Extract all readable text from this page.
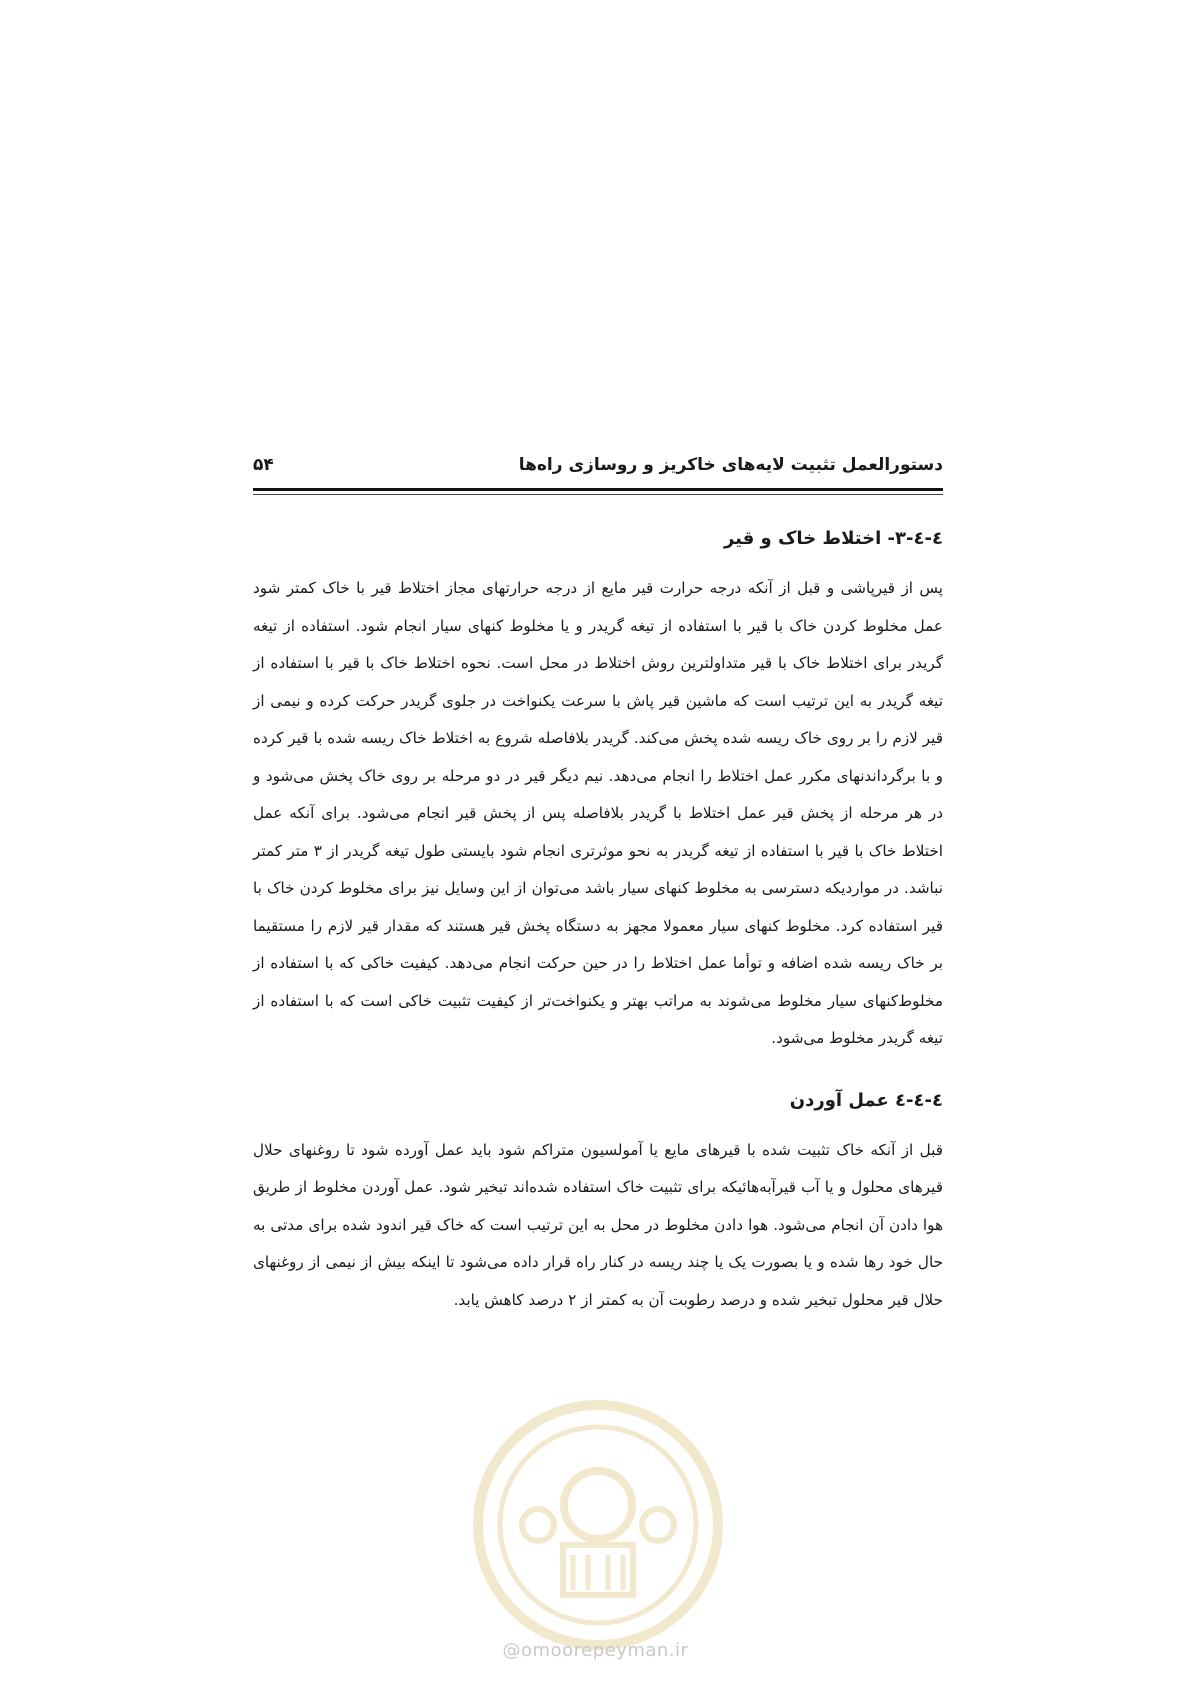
دستورالعمل تثبیت لایه‌های خاکریز و روسازی راه‌ها
۵۴
٤-٤-٣- اختلاط خاک و قیر

پس از قیرپاشی و قبل از آنکه درجه حرارت قیر مایع از درجه حرارتهای مجاز اختلاط قیر با خاک کمتر شود عمل مخلوط کردن خاک با قیر با استفاده از تیغه گریدر و یا مخلوط کنهای سیار انجام شود. استفاده از تیغه گریدر برای اختلاط خاک با قیر متداولترین روش اختلاط در محل است. نحوه اختلاط خاک با قیر با استفاده از تیغه گریدر به این ترتیب است که ماشین قیر پاش با سرعت یکنواخت در جلوی گریدر حرکت کرده و نیمی از قیر لازم را بر روی خاک ریسه شده پخش می‌کند. گریدر بلافاصله شروع به اختلاط خاک ریسه شده با قیر کرده و با برگرداندنهای مکرر عمل اختلاط را انجام می‌دهد. نیم دیگر قیر در دو مرحله بر روی خاک پخش می‌شود و در هر مرحله از پخش قیر عمل اختلاط با گریدر بلافاصله پس از پخش قیر انجام می‌شود. برای آنکه عمل اختلاط خاک با قیر با استفاده از تیغه گریدر به نحو موثرتری انجام شود بایستی طول تیغه گریدر از ۳ متر کمتر نباشد. در مواردیکه دسترسی به مخلوط کنهای سیار باشد می‌توان از این وسایل نیز برای مخلوط کردن خاک با قیر استفاده کرد. مخلوط کنهای سیار معمولا مجهز به دستگاه پخش قیر هستند که مقدار قیر لازم را مستقیما بر خاک ریسه شده اضافه و توأما عمل اختلاط را در حین حرکت انجام می‌دهد. کیفیت خاکی که با استفاده از مخلوط‌کنهای سیار مخلوط می‌شوند به مراتب بهتر و یکنواخت‌تر از کیفیت تثبیت خاکی است که با استفاده از تیغه گریدر مخلوط می‌شود.

٤-٤-٤ عمل آوردن

قبل از آنکه خاک تثبیت شده با قیرهای مایع یا آمولسیون متراکم شود باید عمل آورده شود تا روغنهای حلال قیرهای محلول و یا آب قیرآبه‌هائیکه برای تثبیت خاک استفاده شده‌اند تبخیر شود. عمل آوردن مخلوط از طریق هوا دادن آن انجام می‌شود. هوا دادن مخلوط در محل به این ترتیب است که خاک قیر اندود شده برای مدتی به حال خود رها شده و یا بصورت یک یا چند ریسه در کنار راه قرار داده می‌شود تا اینکه بیش از نیمی از روغنهای حلال قیر محلول تبخیر شده و درصد رطوبت آن به کمتر از ۲ درصد کاهش یابد.

@omoorepeyman.ir
